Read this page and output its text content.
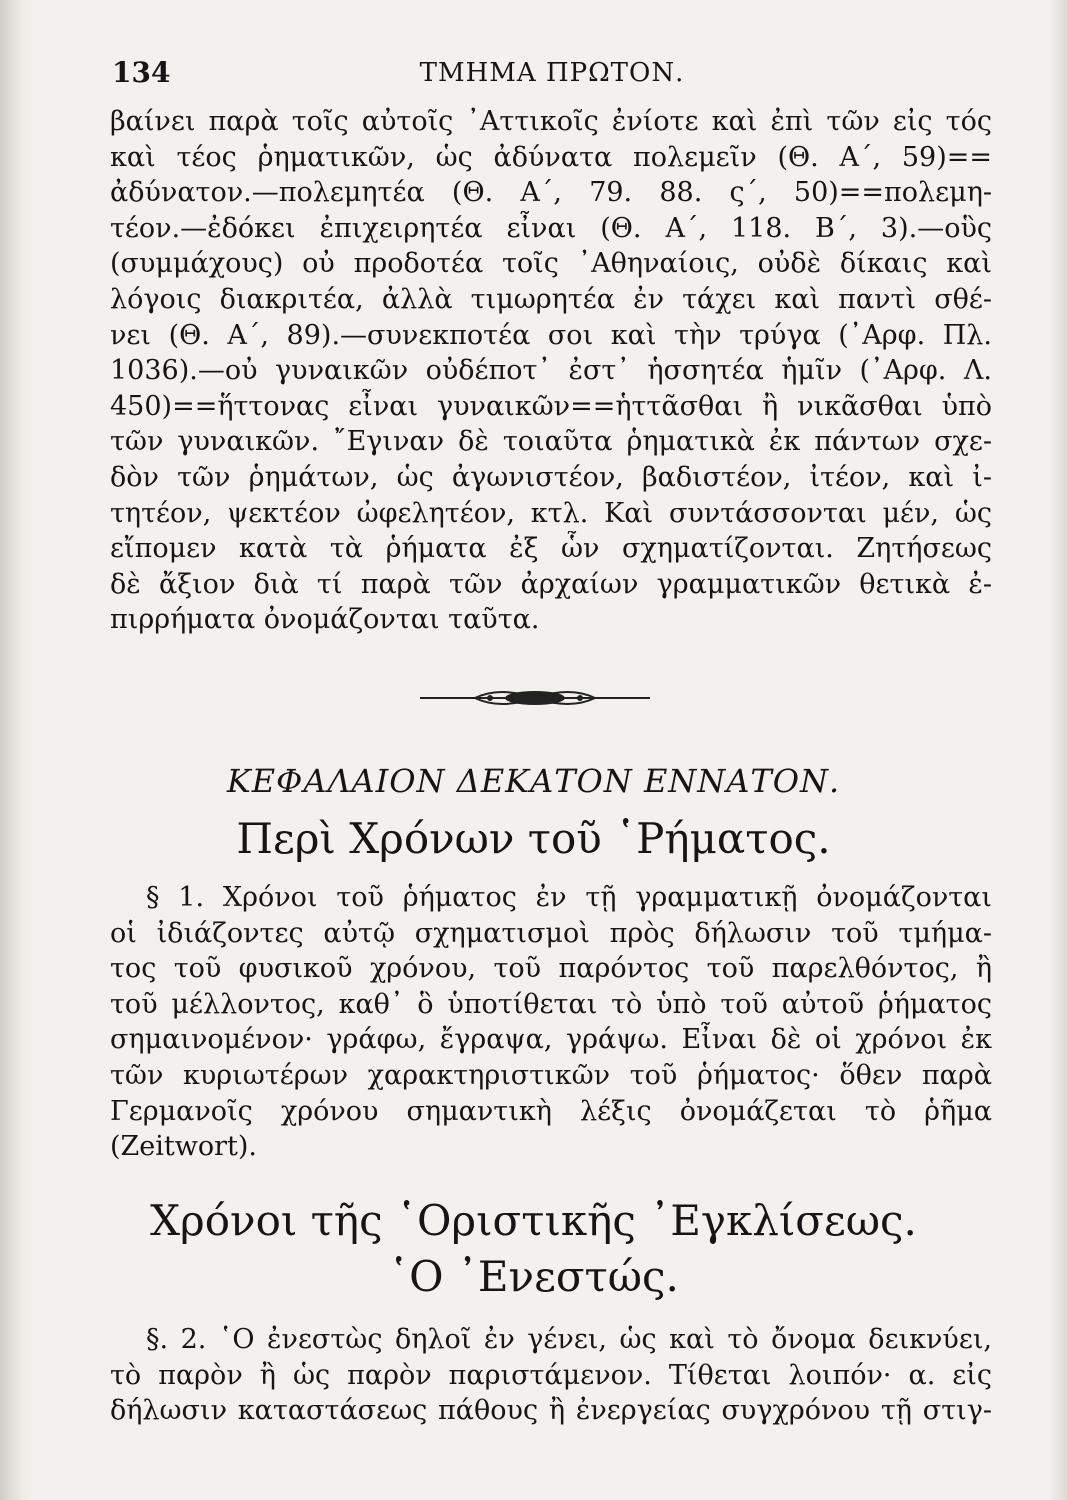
134	ΤΜΗΜΑ ΠΡΩΤΟΝ.
βαίνει παρὰ τοῖς αὐτοῖς ᾿Αττικοῖς ἐνίοτε καὶ ἐπὶ τῶν εἰς τός
καὶ τέος ῥηματικῶν, ὡς ἀδύνατα πολεμεῖν (Θ. Α΄, 59)==
ἀδύνατον.—πολεμητέα (Θ. Α΄, 79. 88. ς΄, 50)==πολεμη-
τέον.—ἐδόκει ἐπιχειρητέα εἶναι (Θ. Α΄, 118. Β΄, 3).—οὓς
(συμμάχους) οὐ προδοτέα τοῖς ᾿Αθηναίοις, οὐδὲ δίκαις καὶ
λόγοις διακριτέα, ἀλλὰ τιμωρητέα ἐν τάχει καὶ παντὶ σθέ-
νει (Θ. Α΄, 89).—συνεκποτέα σοι καὶ τὴν τρύγα (᾿Αρφ. Πλ.
1036).—οὐ γυναικῶν οὐδέποτ᾿ ἐστ᾿ ἡσσητέα ἡμῖν (᾿Αρφ. Λ.
450)==ἥττονας εἶναι γυναικῶν==ἡττᾶσθαι ἢ νικᾶσθαι ὑπὸ
τῶν γυναικῶν. ῎Εγιναν δὲ τοιαῦτα ῥηματικὰ ἐκ πάντων σχε-
δὸν τῶν ῥημάτων, ὡς ἀγωνιστέον, βαδιστέον, ἰτέον, καὶ ἰ-
τητέον, ψεκτέον ὠφελητέον, κτλ. Καὶ συντάσσονται μέν, ὡς
εἴπομεν κατὰ τὰ ῥήματα ἐξ ὧν σχηματίζονται. Ζητήσεως
δὲ ἄξιον διὰ τί παρὰ τῶν ἀρχαίων γραμματικῶν θετικὰ ἐ-
πιρρήματα ὀνομάζονται ταῦτα.
ΚΕΦΑΛΑΙΟΝ ΔΕΚΑΤΟΝ ΕΝΝΑΤΟΝ.
Περὶ Χρόνων τοῦ ῾Ρήματος.
§ 1. Χρόνοι τοῦ ῥήματος ἐν τῇ γραμματικῇ ὀνομάζονται
οἱ ἰδιάζοντες αὐτῷ σχηματισμοὶ πρὸς δήλωσιν τοῦ τμήμα-
τος τοῦ φυσικοῦ χρόνου, τοῦ παρόντος τοῦ παρελθόντος, ἢ
τοῦ μέλλοντος, καθ᾿ ὃ ὑποτίθεται τὸ ὑπὸ τοῦ αὐτοῦ ῥήματος
σημαινομένον· γράφω, ἔγραψα, γράψω. Εἶναι δὲ οἱ χρόνοι ἐκ
τῶν κυριωτέρων χαρακτηριστικῶν τοῦ ῥήματος· ὅθεν παρὰ
Γερμανοῖς χρόνου σημαντικὴ λέξις ὀνομάζεται τὸ ῥῆμα
(Zeitwort).
Χρόνοι τῆς ῾Οριστικῆς ᾿Εγκλίσεως.
῾Ο ᾿Ενεστώς.
§. 2. ῾Ο ἐνεστὼς δηλοῖ ἐν γένει, ὡς καὶ τὸ ὄνομα δεικνύει,
τὸ παρὸν ἢ ὡς παρὸν παριστάμενον. Τίθεται λοιπόν· α. εἰς
δήλωσιν καταστάσεως πάθους ἢ ἐνεργείας συγχρόνου τῇ στιγ-
